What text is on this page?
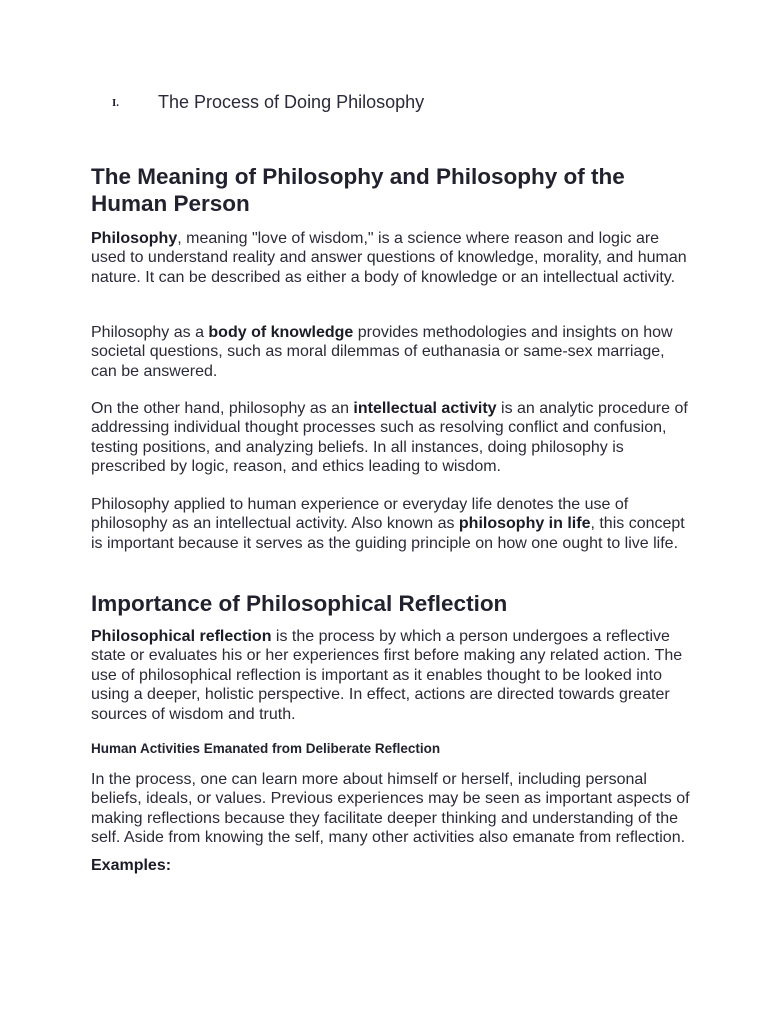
I.	The Process of Doing Philosophy
The Meaning of Philosophy and Philosophy of the Human Person

Philosophy, meaning "love of wisdom," is a science where reason and logic are used to understand reality and answer questions of knowledge, morality, and human nature. It can be described as either a body of knowledge or an intellectual activity.

Philosophy as a body of knowledge provides methodologies and insights on how societal questions, such as moral dilemmas of euthanasia or same-sex marriage, can be answered.

On the other hand, philosophy as an intellectual activity is an analytic procedure of addressing individual thought processes such as resolving conflict and confusion, testing positions, and analyzing beliefs. In all instances, doing philosophy is prescribed by logic, reason, and ethics leading to wisdom.

Philosophy applied to human experience or everyday life denotes the use of philosophy as an intellectual activity. Also known as philosophy in life, this concept is important because it serves as the guiding principle on how one ought to live life.

Importance of Philosophical Reflection

Philosophical reflection is the process by which a person undergoes a reflective state or evaluates his or her experiences first before making any related action. The use of philosophical reflection is important as it enables thought to be looked into using a deeper, holistic perspective. In effect, actions are directed towards greater sources of wisdom and truth.

Human Activities Emanated from Deliberate Reflection

In the process, one can learn more about himself or herself, including personal beliefs, ideals, or values. Previous experiences may be seen as important aspects of making reflections because they facilitate deeper thinking and understanding of the self. Aside from knowing the self, many other activities also emanate from reflection.

Examples:
